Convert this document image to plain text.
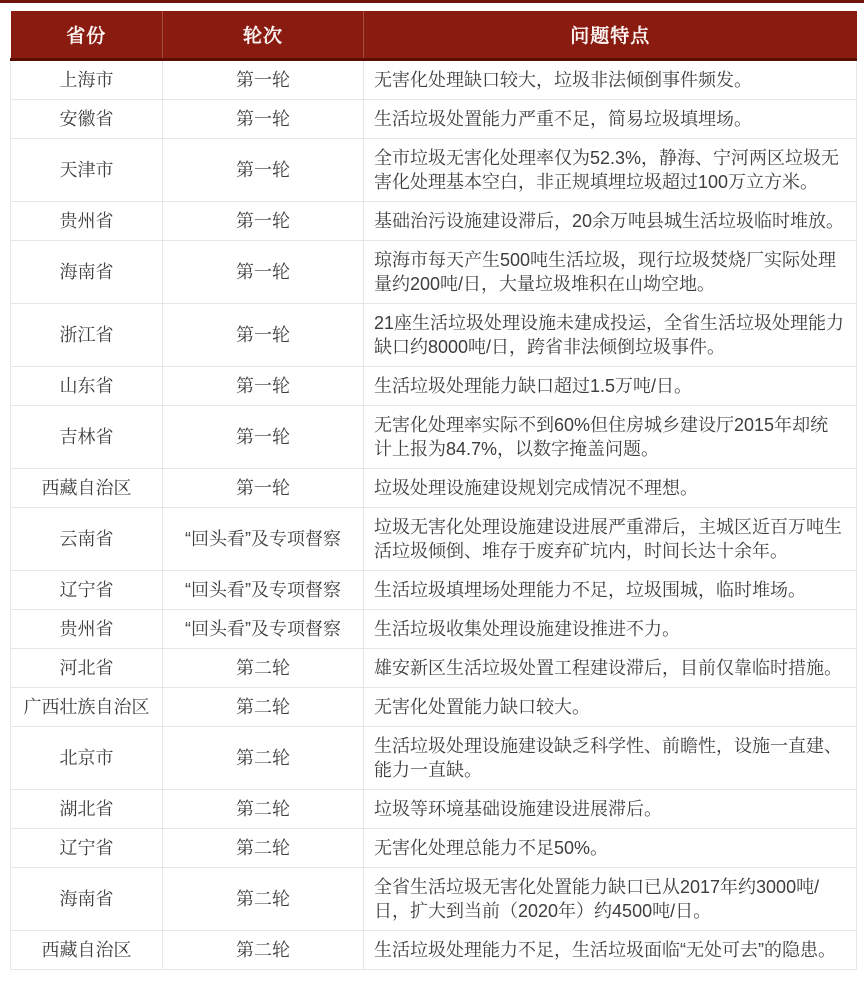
省份	轮次	问题特点
上海市	第一轮	无害化处理缺口较大，垃圾非法倾倒事件频发。
安徽省	第一轮	生活垃圾处置能力严重不足，简易垃圾填埋场。
天津市	第一轮	全市垃圾无害化处理率仅为52.3%，静海、宁河两区垃圾无害化处理基本空白，非正规填埋垃圾超过100万立方米。
贵州省	第一轮	基础治污设施建设滞后，20余万吨县城生活垃圾临时堆放。
海南省	第一轮	琼海市每天产生500吨生活垃圾，现行垃圾焚烧厂实际处理量约200吨/日，大量垃圾堆积在山坳空地。
浙江省	第一轮	21座生活垃圾处理设施未建成投运，全省生活垃圾处理能力缺口约8000吨/日，跨省非法倾倒垃圾事件。
山东省	第一轮	生活垃圾处理能力缺口超过1.5万吨/日。
吉林省	第一轮	无害化处理率实际不到60%但住房城乡建设厅2015年却统计上报为84.7%，以数字掩盖问题。
西藏自治区	第一轮	垃圾处理设施建设规划完成情况不理想。
云南省	“回头看”及专项督察	垃圾无害化处理设施建设进展严重滞后，主城区近百万吨生活垃圾倾倒、堆存于废弃矿坑内，时间长达十余年。
辽宁省	“回头看”及专项督察	生活垃圾填埋场处理能力不足，垃圾围城，临时堆场。
贵州省	“回头看”及专项督察	生活垃圾收集处理设施建设推进不力。
河北省	第二轮	雄安新区生活垃圾处置工程建设滞后，目前仅靠临时措施。
广西壮族自治区	第二轮	无害化处置能力缺口较大。
北京市	第二轮	生活垃圾处理设施建设缺乏科学性、前瞻性，设施一直建、能力一直缺。
湖北省	第二轮	垃圾等环境基础设施建设进展滞后。
辽宁省	第二轮	无害化处理总能力不足50%。
海南省	第二轮	全省生活垃圾无害化处置能力缺口已从2017年约3000吨/日，扩大到当前（2020年）约4500吨/日。
西藏自治区	第二轮	生活垃圾处理能力不足，生活垃圾面临“无处可去”的隐患。
